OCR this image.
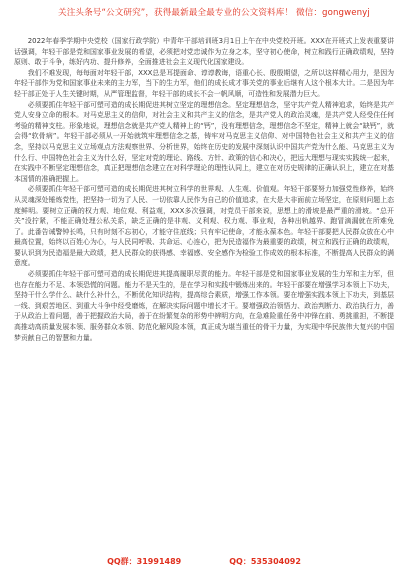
关注头条号“公文研究”，获得最新最全最专业的公文资料库！ 微信：gongwenyj

2022年春季学期中央党校（国家行政学院）中青年干部培训班3月1日上午在中央党校开班。XXX在开班式上发表重要讲话强调，年轻干部是党和国家事业发展的希望，必须把对党忠诚作为立身之本，坚守初心使命，树立和践行正确政绩观，坚持原则、敢于斗争，练好内功、提升修养，全面推进社会主义现代化国家建设。

我们不难发现，每每面对年轻干部，XXX总是耳提面命、谆谆教诲，语重心长、殷殷期望，之所以这样精心用力，是因为年轻干部作为党和国家事业未来的主力军，当下的生力军，他们的成长成才事关党的事业后继有人这个根本大计。二是因为年轻干部正处于人生关键时期，从严管理监督，年轻干部的成长不会一帆风顺，可造性和发展潜力巨大。

必须要抓住年轻干部可塑可造的成长期促进其树立坚定的理想信念。坚定理想信念，坚守共产党人精神追求，始终是共产党人安身立命的根本。对马克思主义的信仰，对社会主义和共产主义的信念，是共产党人的政治灵魂，是共产党人经受住任何考验的精神支柱。形象地说，理想信念就是共产党人精神上的“钙”，没有理想信念，理想信念不坚定，精神上就会“缺钙”，就会得“软骨病”。年轻干部必须从一开始就筑牢理想信念之基，铸牢对马克思主义信仰、对中国特色社会主义和共产主义的信念，坚持以马克思主义立场观点方法观察世界、分析世界，始终在历史的发展中深刻认识中国共产党为什么能、马克思主义为什么行、中国特色社会主义为什么好，坚定对党的理论、路线、方针、政策的信心和决心，把远大理想与现实实践统一起来，在实践中不断坚定理想信念，真正把理想信念建立在对科学理论的理性认同上，建立在对历史规律的正确认识上，建立在对基本国情的准确把握上。

必须要抓住年轻干部可塑可造的成长期促进其树立科学的世界观、人生观、价值观。年轻干部要努力加强党性修养，始终从灵魂深处锤炼党性，把坚持一切为了人民、一切依靠人民作为自己的价值追求，在大是大非面前立场坚定，在原则问题上态度鲜明。要树立正确的权力观、地位观、利益观，XXX多次强调，对党员干部来说，思想上的滑坡是最严重的滑坡。“总开关”没拧紧，不能正确处理公私关系，缺乏正确的是非观、义利观、权力观、事业观，各种出轨越界、跑冒滴漏就在所难免了。此番告诫警钟长鸣，只有时刻不忘初心，才能守住底线；只有牢记使命，才能永葆本色。年轻干部要把人民群众放在心中最高位置，始终以百姓心为心，与人民同呼吸、共命运、心连心，把为民造福作为最重要的政绩，树立和践行正确的政绩观，要认识到为民造福是最大政绩，把人民群众的获得感、幸福感、安全感作为检验工作成效的根本标准，不断提高人民群众的满意度。

必须要抓住年轻干部可塑可造的成长期促进其提高履职尽责的能力。年轻干部是党和国家事业发展的生力军和主力军，但也存在能力不足、本领恐慌的问题。能力不是天生的，是在学习和实践中锻炼出来的。年轻干部要在增强学习本领上下功夫，坚持干什么学什么、缺什么补什么，不断优化知识结构，提高综合素质，增强工作本领。要在增强实践本领上下功夫，到基层一线、到艰苦地区、到重大斗争中经受磨炼，在解决实际问题中增长才干。要增强政治领悟力、政治判断力、政治执行力，善于从政治上看问题，善于把握政治大局，善于在纷繁复杂的形势中辨明方向，在急难险重任务中冲锋在前、勇挑重担，不断提高推动高质量发展本领、服务群众本领、防范化解风险本领，真正成为堪当重任的骨干力量，为实现中华民族伟大复兴的中国梦贡献自己的智慧和力量。

QQ群：31991489	QQ：535304092
